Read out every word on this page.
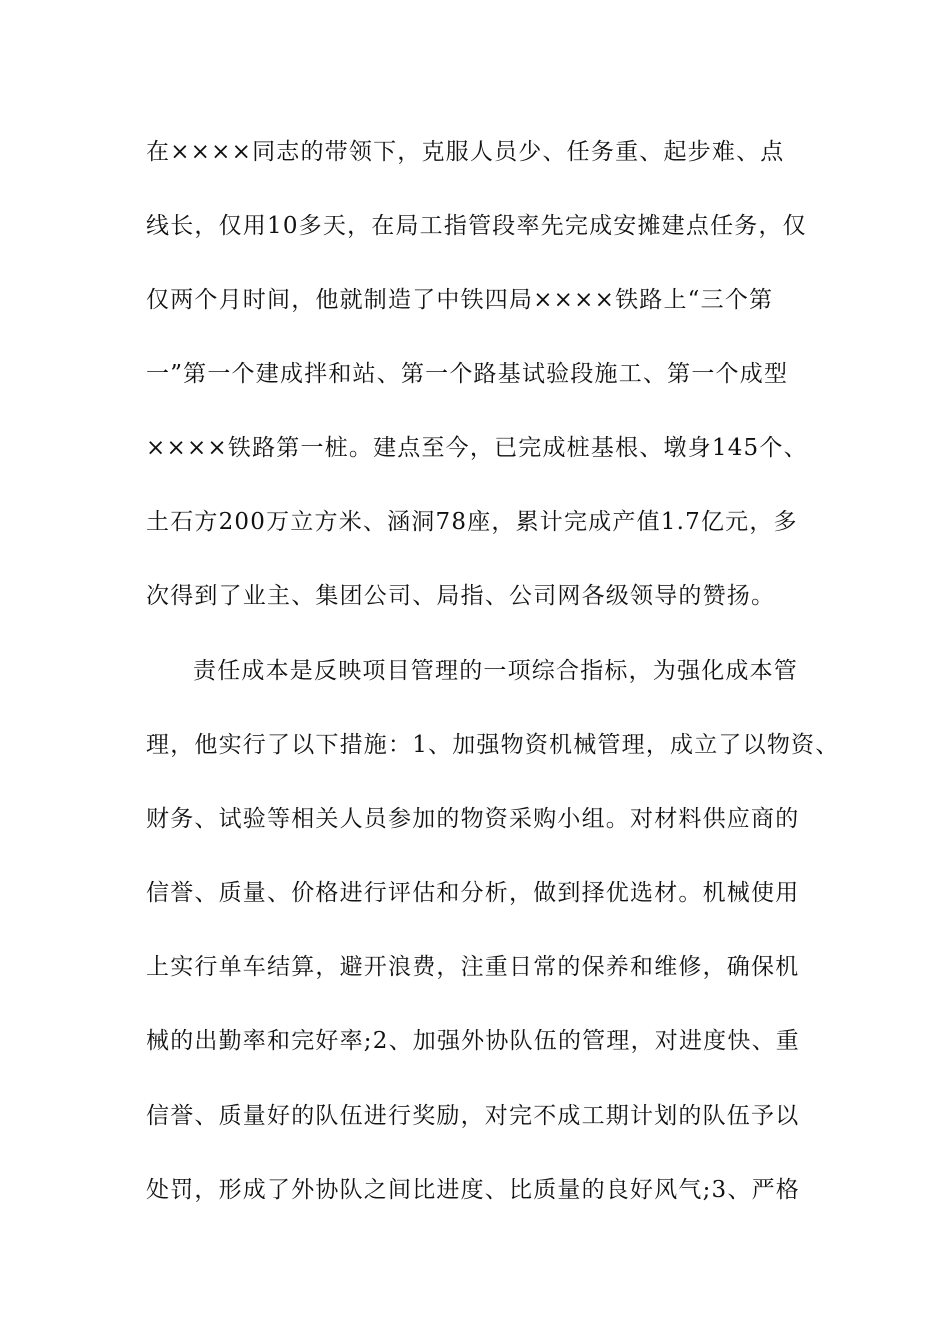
在××××同志的带领下，克服人员少、任务重、起步难、点
线长，仅用10多天，在局工指管段率先完成安摊建点任务，仅
仅两个月时间，他就制造了中铁四局××××铁路上“三个第
一”第一个建成拌和站、第一个路基试验段施工、第一个成型
××××铁路第一桩。建点至今，已完成桩基根、墩身145个、
土石方200万立方米、涵洞78座，累计完成产值1.7亿元，多
次得到了业主、集团公司、局指、公司网各级领导的赞扬。
责任成本是反映项目管理的一项综合指标，为强化成本管
理，他实行了以下措施：1、加强物资机械管理，成立了以物资、
财务、试验等相关人员参加的物资采购小组。对材料供应商的
信誉、质量、价格进行评估和分析，做到择优选材。机械使用
上实行单车结算，避开浪费，注重日常的保养和维修，确保机
械的出勤率和完好率;2、加强外协队伍的管理，对进度快、重
信誉、质量好的队伍进行奖励，对完不成工期计划的队伍予以
处罚，形成了外协队之间比进度、比质量的良好风气;3、严格
